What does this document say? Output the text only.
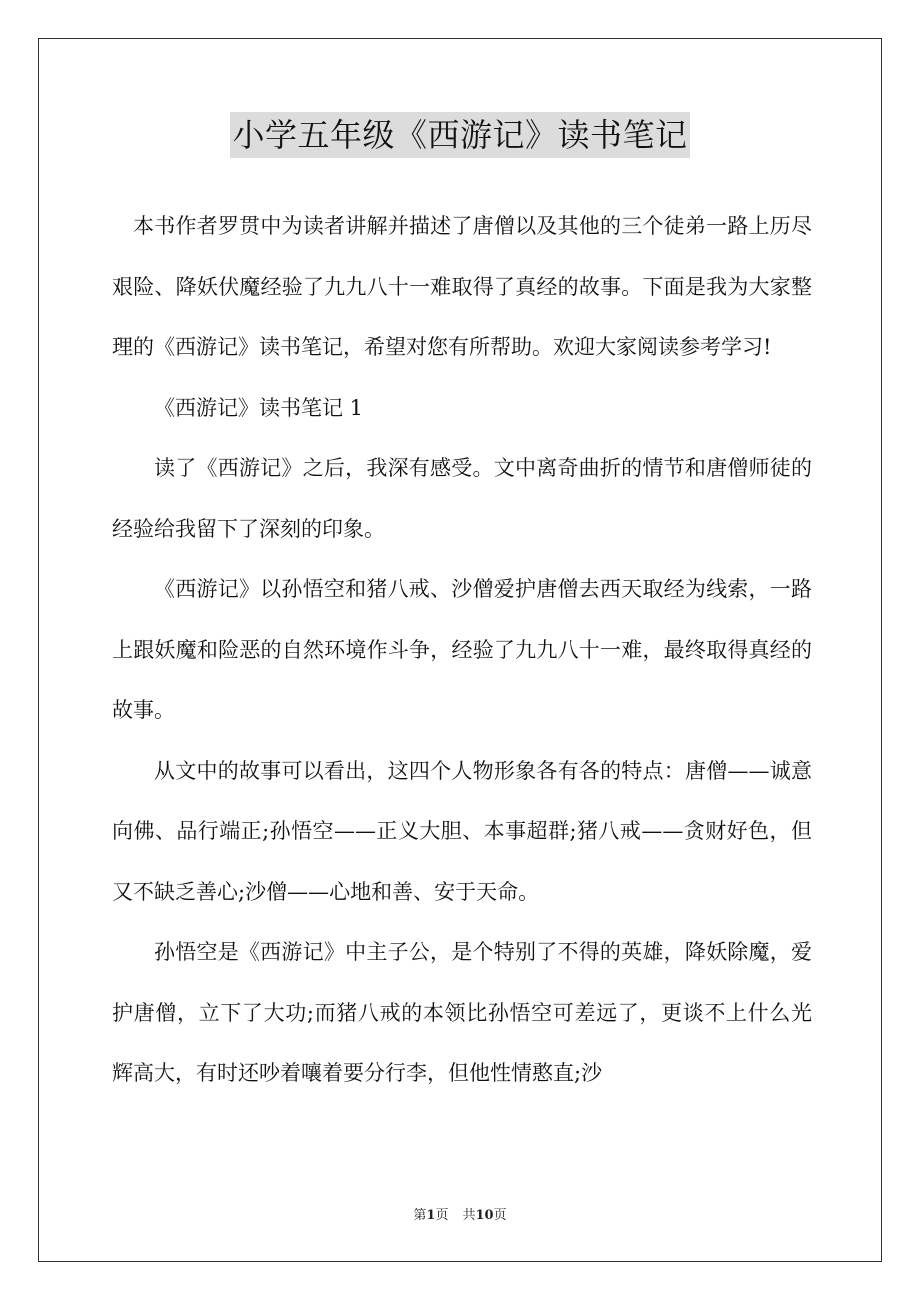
小学五年级《西游记》读书笔记

本书作者罗贯中为读者讲解并描述了唐僧以及其他的三个徒弟一路上历尽艰险、降妖伏魔经验了九九八十一难取得了真经的故事。下面是我为大家整理的《西游记》读书笔记，希望对您有所帮助。欢迎大家阅读参考学习!

《西游记》读书笔记 1

读了《西游记》之后，我深有感受。文中离奇曲折的情节和唐僧师徒的经验给我留下了深刻的印象。

《西游记》以孙悟空和猪八戒、沙僧爱护唐僧去西天取经为线索，一路上跟妖魔和险恶的自然环境作斗争，经验了九九八十一难，最终取得真经的故事。

从文中的故事可以看出，这四个人物形象各有各的特点：唐僧——诚意向佛、品行端正;孙悟空——正义大胆、本事超群;猪八戒——贪财好色，但又不缺乏善心;沙僧——心地和善、安于天命。

孙悟空是《西游记》中主子公，是个特别了不得的英雄，降妖除魔，爱护唐僧，立下了大功;而猪八戒的本领比孙悟空可差远了，更谈不上什么光辉高大，有时还吵着嚷着要分行李，但他性情憨直;沙

第1页 共10页
